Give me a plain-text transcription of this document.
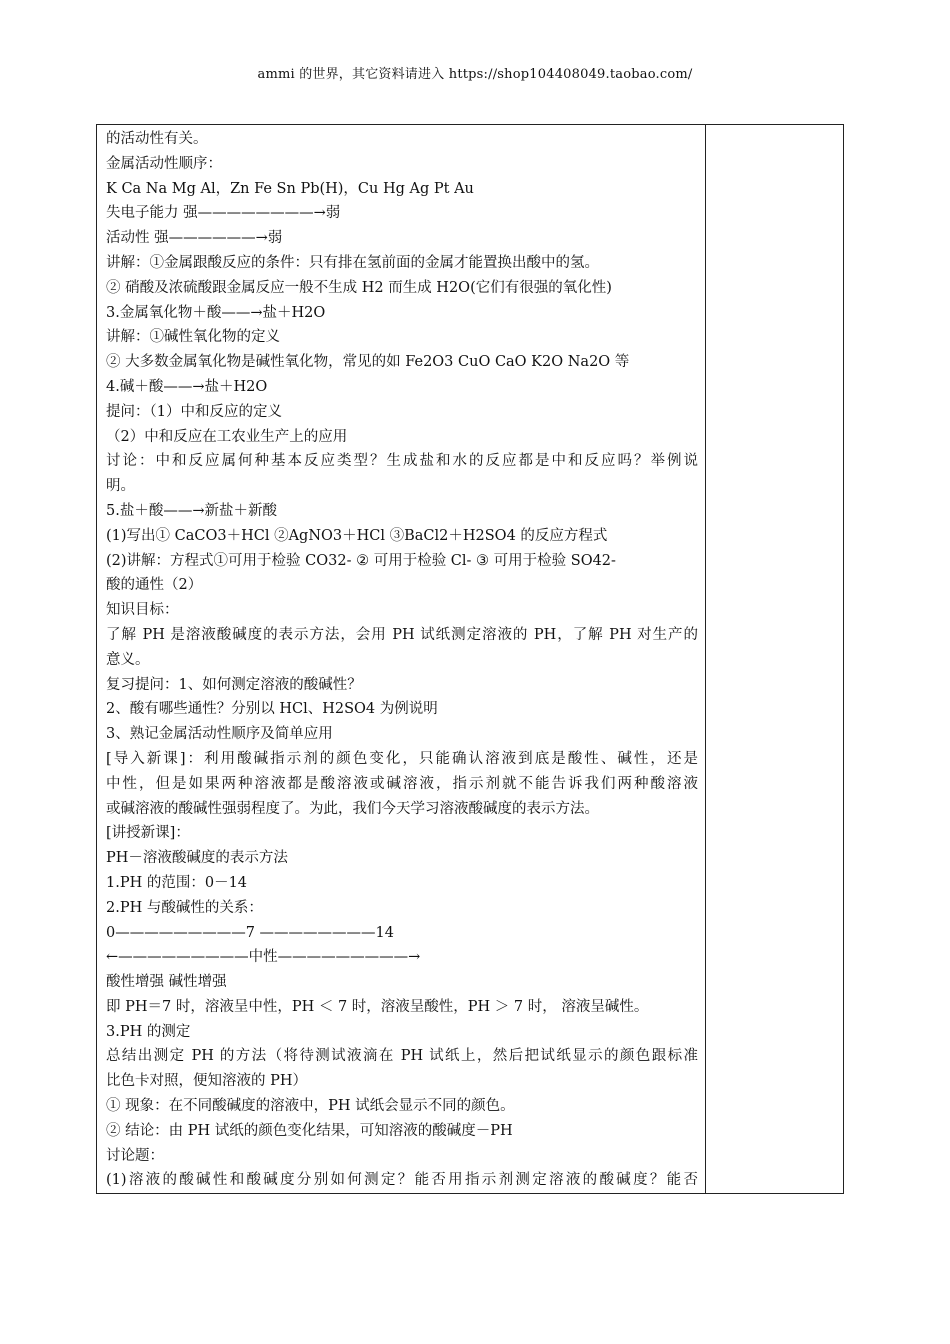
ammi 的世界，其它资料请进入 https://shop104408049.taobao.com/
的活动性有关。
金属活动性顺序：
K Ca Na Mg Al，Zn Fe Sn Pb(H)，Cu Hg Ag Pt Au
失电子能力 强————————→弱
活动性 强——————→弱
讲解：①金属跟酸反应的条件：只有排在氢前面的金属才能置换出酸中的氢。
② 硝酸及浓硫酸跟金属反应一般不生成 H2 而生成 H2O(它们有很强的氧化性)
3.金属氧化物＋酸——→盐＋H2O
讲解：①碱性氧化物的定义
② 大多数金属氧化物是碱性氧化物，常见的如 Fe2O3 CuO CaO K2O Na2O 等
4.碱＋酸——→盐＋H2O
提问：（1）中和反应的定义
（2）中和反应在工农业生产上的应用
讨论：中和反应属何种基本反应类型？生成盐和水的反应都是中和反应吗？举例说
明。
5.盐＋酸——→新盐＋新酸
(1)写出① CaCO3＋HCl ②AgNO3＋HCl ③BaCl2＋H2SO4 的反应方程式
(2)讲解：方程式①可用于检验 CO32- ② 可用于检验 Cl- ③ 可用于检验 SO42-
酸的通性（2）
知识目标：
了解 PH 是溶液酸碱度的表示方法，会用 PH 试纸测定溶液的 PH，了解 PH 对生产的
意义。
复习提问：1、如何测定溶液的酸碱性？
2、酸有哪些通性？分别以 HCl、H2SO4 为例说明
3、熟记金属活动性顺序及简单应用
[导入新课]：利用酸碱指示剂的颜色变化，只能确认溶液到底是酸性、碱性，还是
中性，但是如果两种溶液都是酸溶液或碱溶液，指示剂就不能告诉我们两种酸溶液
或碱溶液的酸碱性强弱程度了。为此，我们今天学习溶液酸碱度的表示方法。
[讲授新课]：
PH－溶液酸碱度的表示方法
1.PH 的范围：0－14
2.PH 与酸碱性的关系：
0—————————7 ————————14
←—————————中性—————————→
酸性增强 碱性增强
即 PH＝7 时，溶液呈中性，PH ＜ 7 时，溶液呈酸性，PH ＞ 7 时， 溶液呈碱性。
3.PH 的测定
总结出测定 PH 的方法（将待测试液滴在 PH 试纸上，然后把试纸显示的颜色跟标准
比色卡对照，便知溶液的 PH）
① 现象：在不同酸碱度的溶液中，PH 试纸会显示不同的颜色。
② 结论：由 PH 试纸的颜色变化结果，可知溶液的酸碱度－PH
讨论题：
(1)溶液的酸碱性和酸碱度分别如何测定？能否用指示剂测定溶液的酸碱度？能否
